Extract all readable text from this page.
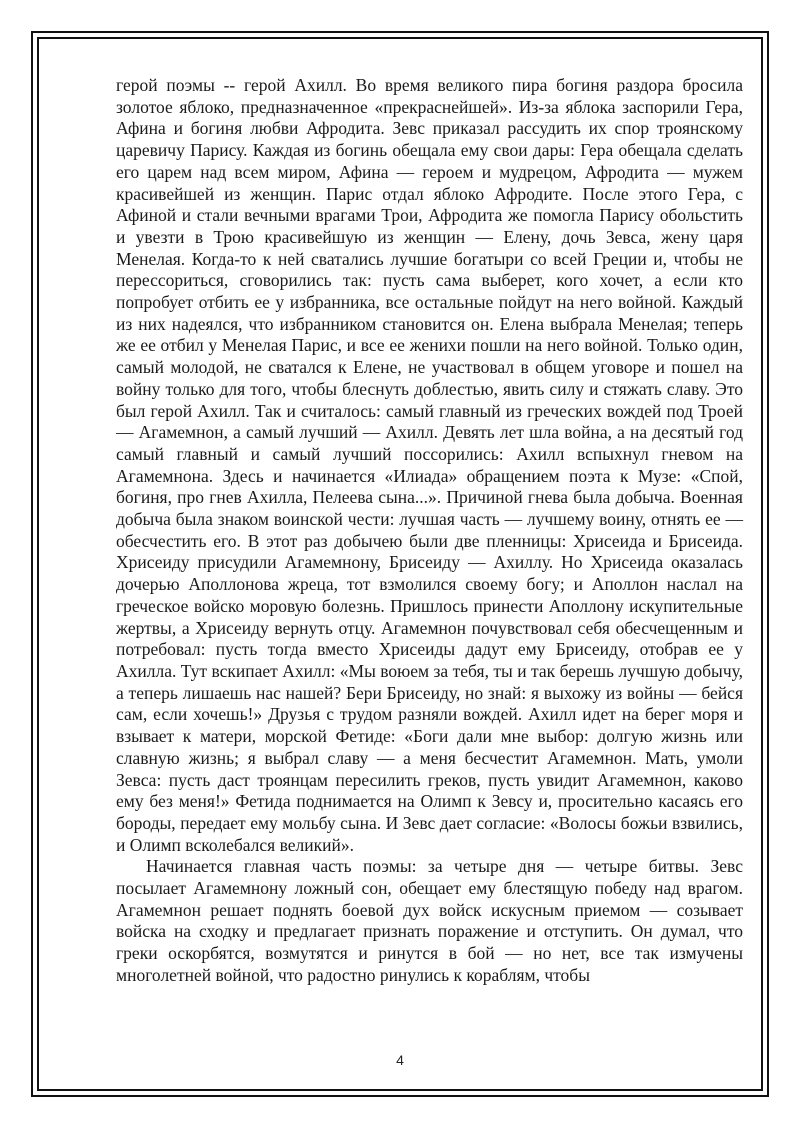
герой поэмы -- герой Ахилл. Во время великого пира богиня раздора бросила золотое яблоко, предназначенное «прекраснейшей». Из-за яблока заспорили Гера, Афина и богиня любви Афродита. Зевс приказал рассудить их спор троянскому царевичу Парису. Каждая из богинь обещала ему свои дары: Гера обещала сделать его царем над всем миром, Афина — героем и мудрецом, Афродита — мужем красивейшей из женщин. Парис отдал яблоко Афродите. После этого Гера, с Афиной и стали вечными врагами Трои, Афродита же помогла Парису обольстить и увезти в Трою красивейшую из женщин — Елену, дочь Зевса, жену царя Менелая. Когда-то к ней сватались лучшие богатыри со всей Греции и, чтобы не перессориться, сговорились так: пусть сама выберет, кого хочет, а если кто попробует отбить ее у избранника, все остальные пойдут на него войной. Каждый из них надеялся, что избранником становится он. Елена выбрала Менелая; теперь же ее отбил у Менелая Парис, и все ее женихи пошли на него войной. Только один, самый молодой, не сватался к Елене, не участвовал в общем уговоре и пошел на войну только для того, чтобы блеснуть доблестью, явить силу и стяжать славу. Это был герой Ахилл. Так и считалось: самый главный из греческих вождей под Троей — Агамемнон, а самый лучший — Ахилл. Девять лет шла война, а на десятый год самый главный и самый лучший поссорились: Ахилл вспыхнул гневом на Агамемнона. Здесь и начинается «Илиада» обращением поэта к Музе: «Спой, богиня, про гнев Ахилла, Пелеева сына...». Причиной гнева была добыча. Военная добыча была знаком воинской чести: лучшая часть — лучшему воину, отнять ее — обесчестить его. В этот раз добычею были две пленницы: Хрисеида и Брисеида. Хрисеиду присудили Агамемнону, Брисеиду — Ахиллу. Но Хрисеида оказалась дочерью Аполлонова жреца, тот взмолился своему богу; и Аполлон наслал на греческое войско моровую болезнь. Пришлось принести Аполлону искупительные жертвы, а Хрисеиду вернуть отцу. Агамемнон почувствовал себя обесчещенным и потребовал: пусть тогда вместо Хрисеиды дадут ему Брисеиду, отобрав ее у Ахилла. Тут вскипает Ахилл: «Мы воюем за тебя, ты и так берешь лучшую добычу, а теперь лишаешь нас нашей? Бери Брисеиду, но знай: я выхожу из войны — бейся сам, если хочешь!» Друзья с трудом разняли вождей. Ахилл идет на берег моря и взывает к матери, морской Фетиде: «Боги дали мне выбор: долгую жизнь или славную жизнь; я выбрал славу — а меня бесчестит Агамемнон. Мать, умоли Зевса: пусть даст троянцам пересилить греков, пусть увидит Агамемнон, каково ему без меня!» Фетида поднимается на Олимп к Зевсу и, просительно касаясь его бороды, передает ему мольбу сына. И Зевс дает согласие: «Волосы божьи взвились, и Олимп всколебался великий».

Начинается главная часть поэмы: за четыре дня — четыре битвы. Зевс посылает Агамемнону ложный сон, обещает ему блестящую победу над врагом. Агамемнон решает поднять боевой дух войск искусным приемом — созывает войска на сходку и предлагает признать поражение и отступить. Он думал, что греки оскорбятся, возмутятся и ринутся в бой — но нет, все так измучены многолетней войной, что радостно ринулись к кораблям, чтобы

4
